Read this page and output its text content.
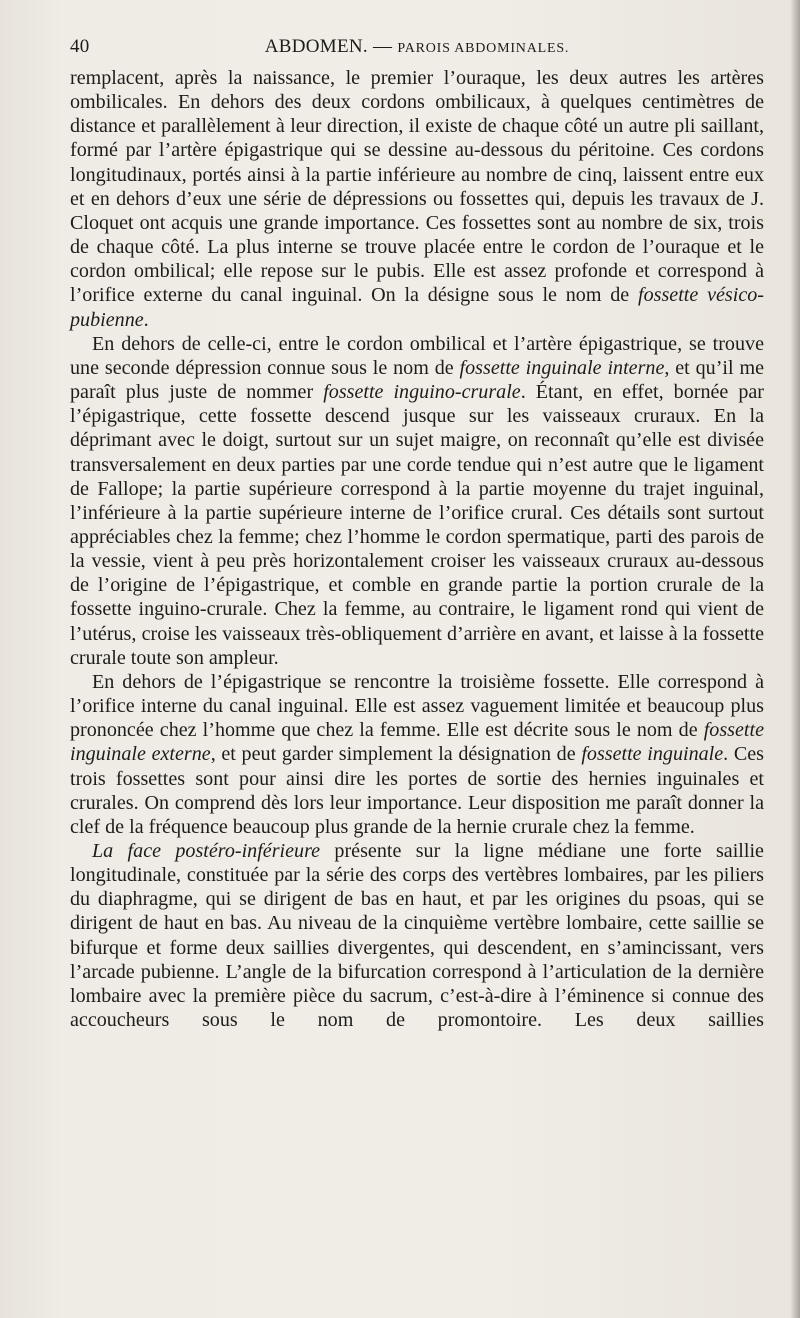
40	ABDOMEN. — PAROIS ABDOMINALES.

remplacent, après la naissance, le premier l’ouraque, les deux autres les artères ombilicales. En dehors des deux cordons ombilicaux, à quelques centimètres de distance et parallèlement à leur direction, il existe de chaque côté un autre pli saillant, formé par l’artère épigastrique qui se dessine au-dessous du péritoine. Ces cordons longitudinaux, portés ainsi à la partie inférieure au nombre de cinq, laissent entre eux et en dehors d’eux une série de dépressions ou fossettes qui, depuis les travaux de J. Cloquet ont acquis une grande importance. Ces fossettes sont au nombre de six, trois de chaque côté. La plus interne se trouve placée entre le cordon de l’ouraque et le cordon ombilical; elle repose sur le pubis. Elle est assez profonde et correspond à l’orifice externe du canal inguinal. On la désigne sous le nom de fossette vésico-pubienne.

En dehors de celle-ci, entre le cordon ombilical et l’artère épigastrique, se trouve une seconde dépression connue sous le nom de fossette inguinale interne, et qu’il me paraît plus juste de nommer fossette inguino-crurale. Étant, en effet, bornée par l’épigastrique, cette fossette descend jusque sur les vaisseaux cruraux. En la déprimant avec le doigt, surtout sur un sujet maigre, on reconnaît qu’elle est divisée transversalement en deux parties par une corde tendue qui n’est autre que le ligament de Fallope; la partie supérieure correspond à la partie moyenne du trajet inguinal, l’inférieure à la partie supérieure interne de l’orifice crural. Ces détails sont surtout appréciables chez la femme; chez l’homme le cordon spermatique, parti des parois de la vessie, vient à peu près horizontalement croiser les vaisseaux cruraux au-dessous de l’origine de l’épigastrique, et comble en grande partie la portion crurale de la fossette inguino-crurale. Chez la femme, au contraire, le ligament rond qui vient de l’utérus, croise les vaisseaux très-obliquement d’arrière en avant, et laisse à la fossette crurale toute son ampleur.

En dehors de l’épigastrique se rencontre la troisième fossette. Elle correspond à l’orifice interne du canal inguinal. Elle est assez vaguement limitée et beaucoup plus prononcée chez l’homme que chez la femme. Elle est décrite sous le nom de fossette inguinale externe, et peut garder simplement la désignation de fossette inguinale. Ces trois fossettes sont pour ainsi dire les portes de sortie des hernies inguinales et crurales. On comprend dès lors leur importance. Leur disposition me paraît donner la clef de la fréquence beaucoup plus grande de la hernie crurale chez la femme.

La face postéro-inférieure présente sur la ligne médiane une forte saillie longitudinale, constituée par la série des corps des vertèbres lombaires, par les piliers du diaphragme, qui se dirigent de bas en haut, et par les origines du psoas, qui se dirigent de haut en bas. Au niveau de la cinquième vertèbre lombaire, cette saillie se bifurque et forme deux saillies divergentes, qui descendent, en s’amincissant, vers l’arcade pubienne. L’angle de la bifurcation correspond à l’articulation de la dernière lombaire avec la première pièce du sacrum, c’est-à-dire à l’éminence si connue des accoucheurs sous le nom de promontoire. Les deux saillies
